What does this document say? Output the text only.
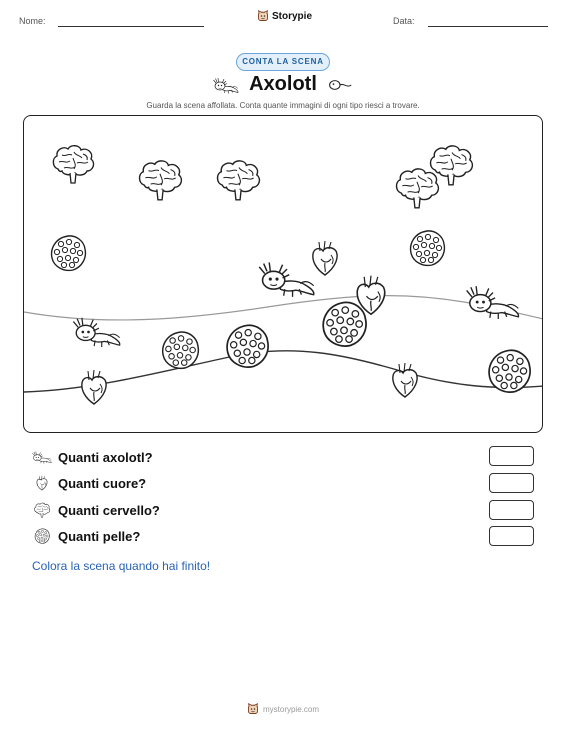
Nome:	Storypie	Data:
CONTA LA SCENA
Axolotl
Guarda la scena affollata. Conta quante immagini di ogni tipo riesci a trovare.
Quanti axolotl?
Quanti cuore?
Quanti cervello?
Quanti pelle?
Colora la scena quando hai finito!
mystorypie.com
